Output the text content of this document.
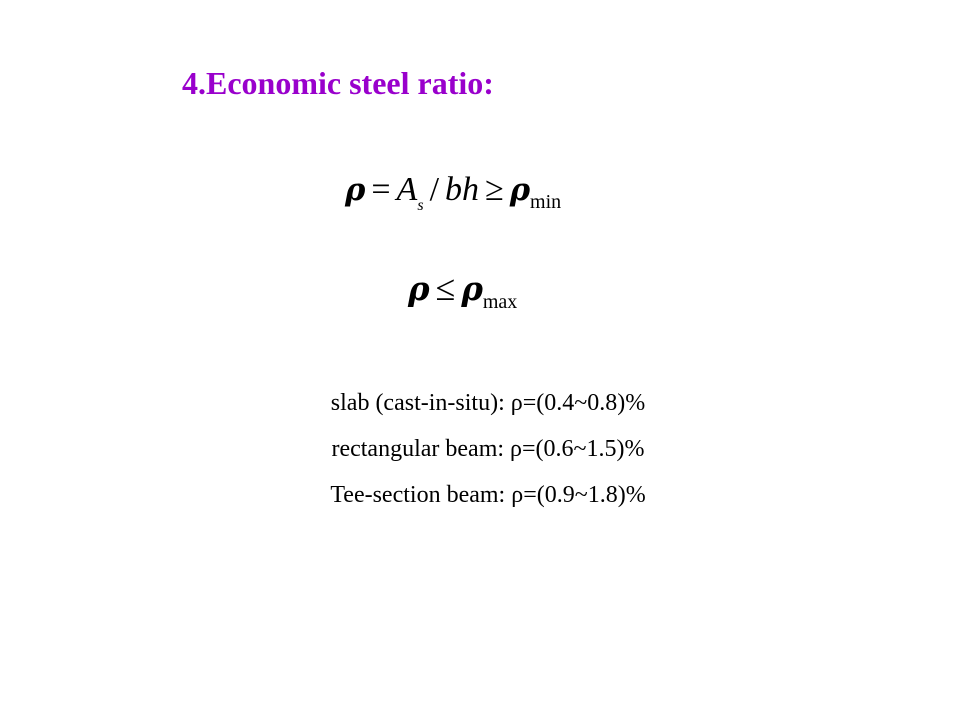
4.Economic steel ratio:
$\rho = A_s$ / bh ≥ $\rho_{min}$
$\rho \le \rho_{max}$
slab (cast-in-situ): ρ=(0.4~0.8)%
rectangular beam: ρ=(0.6~1.5)%
Tee-section beam: ρ=(0.9~1.8)%
